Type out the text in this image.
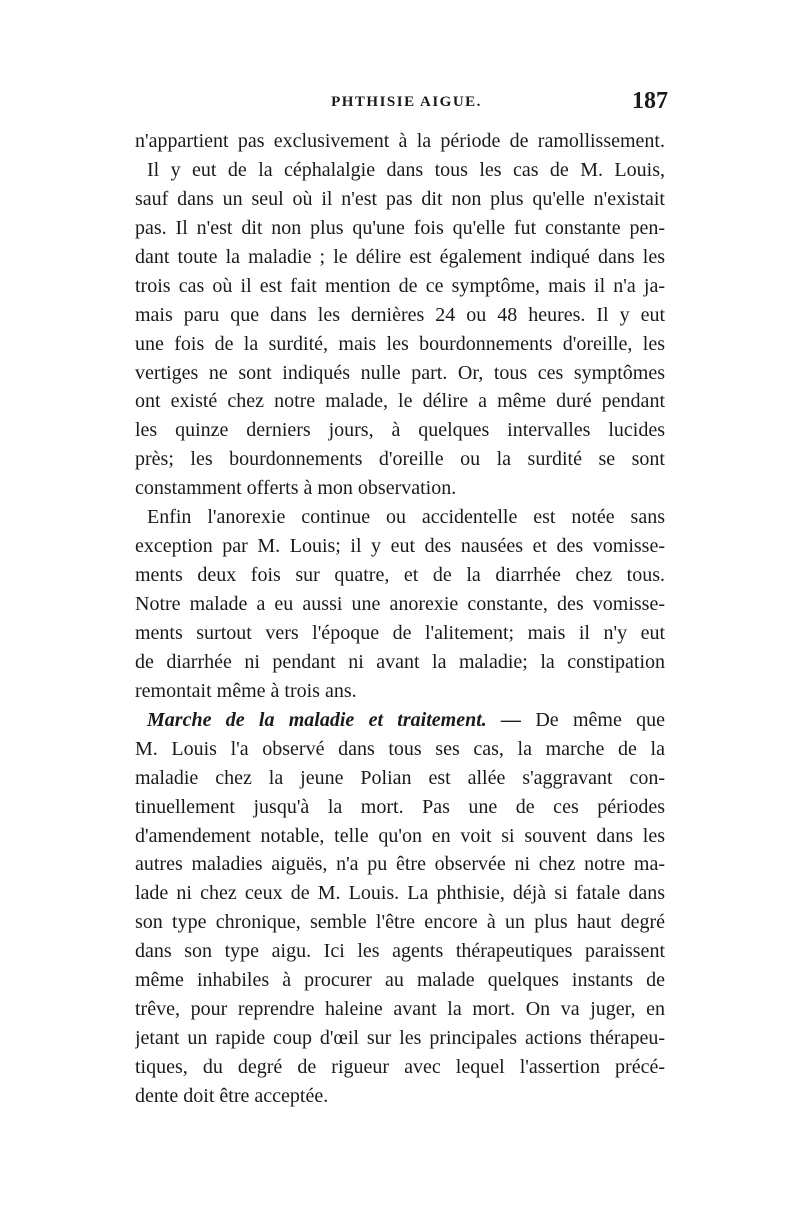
PHTHISIE AIGUE.	187
n'appartient pas exclusivement à la période de ramollissement.
Il y eut de la céphalalgie dans tous les cas de M. Louis,
sauf dans un seul où il n'est pas dit non plus qu'elle n'existait
pas. Il n'est dit non plus qu'une fois qu'elle fut constante pen-
dant toute la maladie ; le délire est également indiqué dans les
trois cas où il est fait mention de ce symptôme, mais il n'a ja-
mais paru que dans les dernières 24 ou 48 heures. Il y eut
une fois de la surdité, mais les bourdonnements d'oreille, les
vertiges ne sont indiqués nulle part. Or, tous ces symptômes
ont existé chez notre malade, le délire a même duré pendant
les quinze derniers jours, à quelques intervalles lucides
près; les bourdonnements d'oreille ou la surdité se sont
constamment offerts à mon observation.
Enfin l'anorexie continue ou accidentelle est notée sans
exception par M. Louis; il y eut des nausées et des vomisse-
ments deux fois sur quatre, et de la diarrhée chez tous.
Notre malade a eu aussi une anorexie constante, des vomisse-
ments surtout vers l'époque de l'alitement; mais il n'y eut
de diarrhée ni pendant ni avant la maladie; la constipation
remontait même à trois ans.
Marche de la maladie et traitement. — De même que
M. Louis l'a observé dans tous ses cas, la marche de la
maladie chez la jeune Polian est allée s'aggravant con-
tinuellement jusqu'à la mort. Pas une de ces périodes
d'amendement notable, telle qu'on en voit si souvent dans les
autres maladies aiguës, n'a pu être observée ni chez notre ma-
lade ni chez ceux de M. Louis. La phthisie, déjà si fatale dans
son type chronique, semble l'être encore à un plus haut degré
dans son type aigu. Ici les agents thérapeutiques paraissent
même inhabiles à procurer au malade quelques instants de
trêve, pour reprendre haleine avant la mort. On va juger, en
jetant un rapide coup d'œil sur les principales actions thérapeu-
tiques, du degré de rigueur avec lequel l'assertion précé-
dente doit être acceptée.
